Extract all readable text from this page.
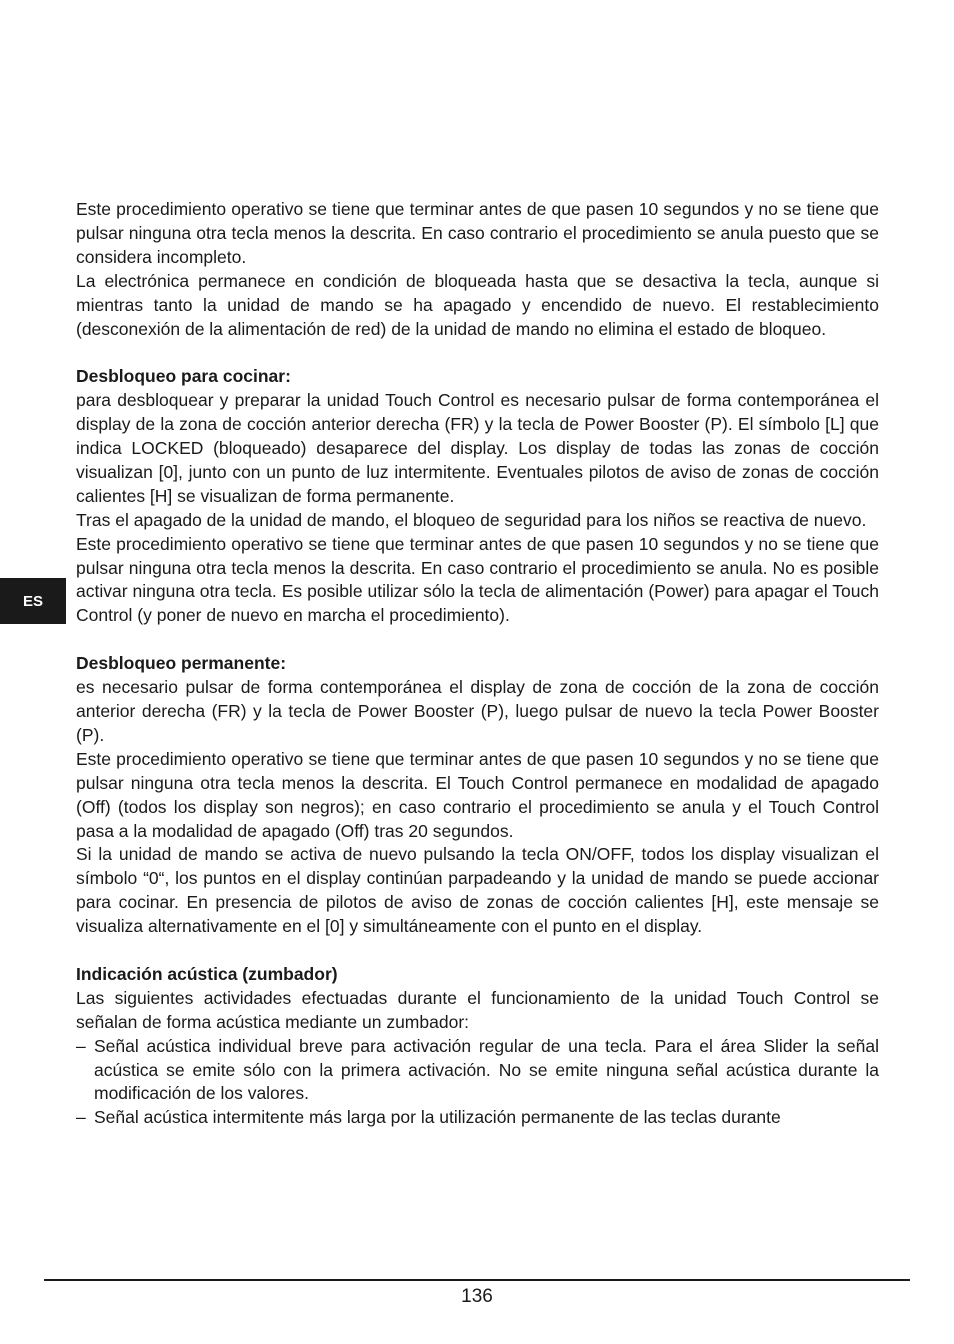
ES

Este procedimiento operativo se tiene que terminar antes de que pasen 10 segundos y no se tiene que pulsar ninguna otra tecla menos la descrita. En caso contrario el procedimiento se anula puesto que se considera incompleto.

La electrónica permanece en condición de bloqueada hasta que se desactiva la tecla, aunque si mientras tanto la unidad de mando se ha apagado y encendido de nuevo. El restablecimiento (desconexión de la alimentación de red) de la unidad de mando no elimina el estado de bloqueo.

Desbloqueo para cocinar:

para desbloquear y preparar la unidad Touch Control es necesario pulsar de forma contemporánea el display de la zona de cocción anterior derecha (FR) y la tecla de Power Booster (P). El símbolo [L] que indica LOCKED (bloqueado) desaparece del display. Los display de todas las zonas de cocción visualizan [0], junto con un punto de luz intermitente. Eventuales pilotos de aviso de zonas de cocción calientes [H] se visualizan de forma permanente.

Tras el apagado de la unidad de mando, el bloqueo de seguridad para los niños se reactiva de nuevo.

Este procedimiento operativo se tiene que terminar antes de que pasen 10 segundos y no se tiene que pulsar ninguna otra tecla menos la descrita. En caso contrario el procedimiento se anula. No es posible activar ninguna otra tecla. Es posible utilizar sólo la tecla de alimentación (Power) para apagar el Touch Control (y poner de nuevo en marcha el procedimiento).

Desbloqueo permanente:

es necesario pulsar de forma contemporánea el display de zona de cocción de la zona de cocción anterior derecha (FR) y la tecla de Power Booster (P), luego pulsar de nuevo la tecla Power Booster (P).

Este procedimiento operativo se tiene que terminar antes de que pasen 10 segundos y no se tiene que pulsar ninguna otra tecla menos la descrita. El Touch Control permanece en modalidad de apagado (Off) (todos los display son negros); en caso contrario el procedimiento se anula y el Touch Control pasa a la modalidad de apagado (Off) tras 20 segundos.

Si la unidad de mando se activa de nuevo pulsando la tecla ON/OFF, todos los display visualizan el símbolo “0“, los puntos en el display continúan parpadeando y la unidad de mando se puede accionar para cocinar. En presencia de pilotos de aviso de zonas de cocción calientes [H], este mensaje se visualiza alternativamente en el [0] y simultáneamente con el punto en el display.

Indicación acústica (zumbador)

Las siguientes actividades efectuadas durante el funcionamiento de la unidad Touch Control se señalan de forma acústica mediante un zumbador:

– Señal acústica individual breve para activación regular de una tecla. Para el área Slider la señal acústica se emite sólo con la primera activación. No se emite ninguna señal acústica durante la modificación de los valores.
– Señal acústica intermitente más larga por la utilización permanente de las teclas durante
136
